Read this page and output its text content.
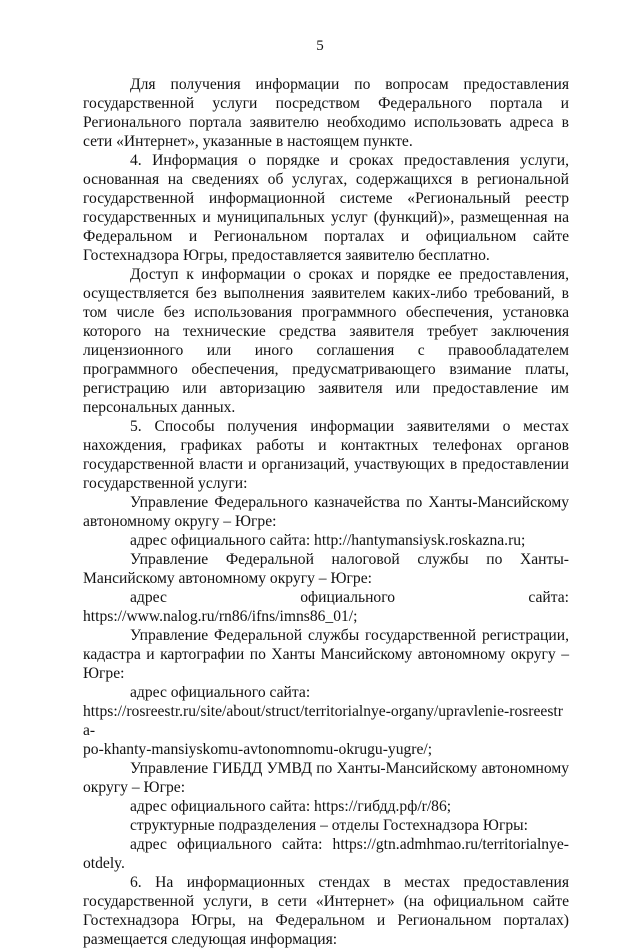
5

Для получения информации по вопросам предоставления государственной услуги посредством Федерального портала и Регионального портала заявителю необходимо использовать адреса в сети «Интернет», указанные в настоящем пункте.

4. Информация о порядке и сроках предоставления услуги, основанная на сведениях об услугах, содержащихся в региональной государственной информационной системе «Региональный реестр государственных и муниципальных услуг (функций)», размещенная на Федеральном и Региональном порталах и официальном сайте Гостехнадзора Югры, предоставляется заявителю бесплатно.

Доступ к информации о сроках и порядке ее предоставления, осуществляется без выполнения заявителем каких-либо требований, в том числе без использования программного обеспечения, установка которого на технические средства заявителя требует заключения лицензионного или иного соглашения с правообладателем программного обеспечения, предусматривающего взимание платы, регистрацию или авторизацию заявителя или предоставление им персональных данных.

5. Способы получения информации заявителями о местах нахождения, графиках работы и контактных телефонах органов государственной власти и организаций, участвующих в предоставлении государственной услуги:

Управление Федерального казначейства по Ханты-Мансийскому автономному округу – Югре:

адрес официального сайта: http://hantymansiysk.roskazna.ru;

Управление Федеральной налоговой службы по Ханты-Мансийскому автономному округу – Югре:

адрес	официального	сайта:

https://www.nalog.ru/rn86/ifns/imns86_01/;

Управление Федеральной службы государственной регистрации, кадастра и картографии по Ханты Мансийскому автономному округу – Югре:

адрес официального сайта:

https://rosreestr.ru/site/about/struct/territorialnye-organy/upravlenie-rosreestra-

po-khanty-mansiyskomu-avtonomnomu-okrugu-yugre/;

Управление ГИБДД УМВД по Ханты-Мансийскому автономному округу – Югре:

адрес официального сайта: https://гибдд.рф/r/86;

структурные подразделения – отделы Гостехнадзора Югры:

адрес официального сайта: https://gtn.admhmao.ru/territorialnye-otdely.

6. На информационных стендах в местах предоставления государственной услуги, в сети «Интернет» (на официальном сайте Гостехнадзора Югры, на Федеральном и Региональном порталах) размещается следующая информация:
